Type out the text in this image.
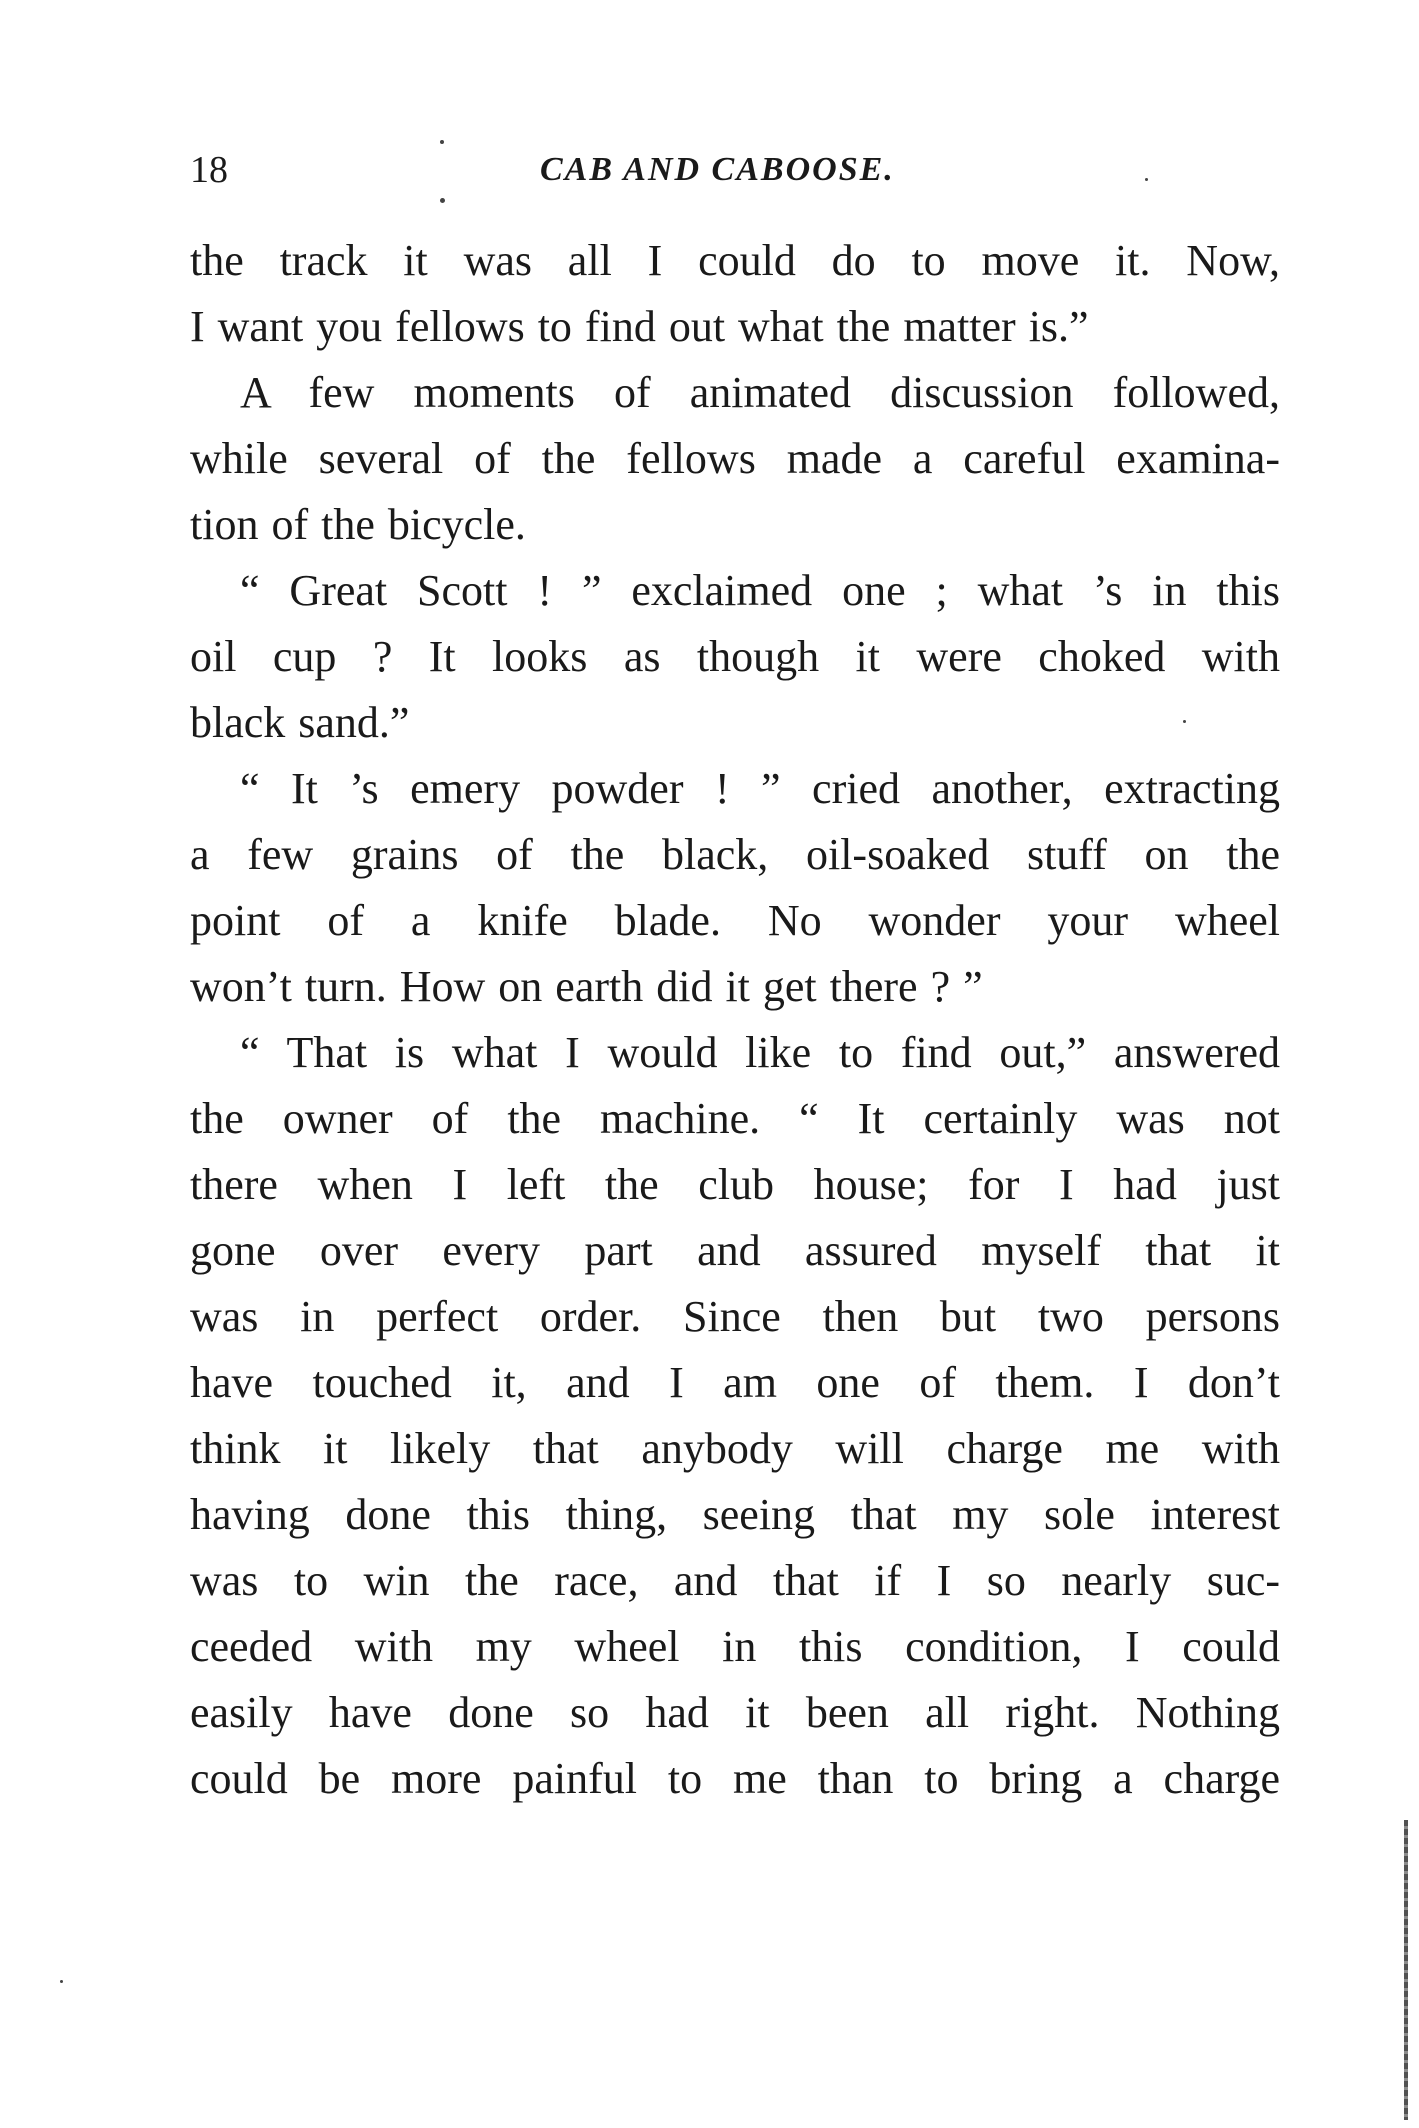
18	CAB AND CABOOSE.
the track it was all I could do to move it. Now,
I want you fellows to find out what the matter is.”
A few moments of animated discussion followed,
while several of the fellows made a careful examina-
tion of the bicycle.
“ Great Scott ! ” exclaimed one ; what ’s in this
oil cup ? It looks as though it were choked with
black sand.”
“ It ’s emery powder ! ” cried another, extracting
a few grains of the black, oil-soaked stuff on the
point of a knife blade. No wonder your wheel
won’t turn. How on earth did it get there ? ”
“ That is what I would like to find out,” answered
the owner of the machine. “ It certainly was not
there when I left the club house; for I had just
gone over every part and assured myself that it
was in perfect order. Since then but two persons
have touched it, and I am one of them. I don’t
think it likely that anybody will charge me with
having done this thing, seeing that my sole interest
was to win the race, and that if I so nearly suc-
ceeded with my wheel in this condition, I could
easily have done so had it been all right. Nothing
could be more painful to me than to bring a charge
